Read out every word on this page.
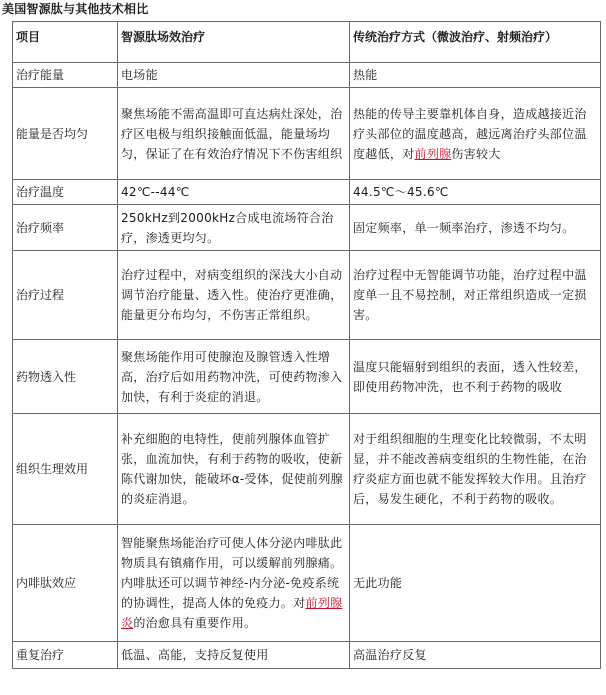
美国智源肽与其他技术相比
项目	智源肽场效治疗	传统治疗方式（微波治疗、射频治疗）
治疗能量	电场能	热能
能量是否均匀	聚焦场能不需高温即可直达病灶深处，治疗区电极与组织接触面低温，能量场均匀，保证了在有效治疗情况下不伤害组织	热能的传导主要靠机体自身，造成越接近治疗头部位的温度越高，越远离治疗头部位温度越低，对前列腺伤害较大
治疗温度	42℃--44℃	44.5℃～45.6℃
治疗频率	250kHz到2000kHz合成电流场符合治疗，渗透更均匀。	固定频率，单一频率治疗，渗透不均匀。
治疗过程	治疗过程中，对病变组织的深浅大小自动调节治疗能量、透入性。使治疗更准确，能量更分布均匀，不伤害正常组织。	治疗过程中无智能调节功能，治疗过程中温度单一且不易控制，对正常组织造成一定损害。
药物透入性	聚焦场能作用可使腺泡及腺管透入性增高，治疗后如用药物冲洗，可使药物渗入加快，有利于炎症的消退。	温度只能辐射到组织的表面，透入性较差，即使用药物冲洗，也不利于药物的吸收
组织生理效用	补充细胞的电特性，使前列腺体血管扩张，血流加快，有利于药物的吸收，使新陈代谢加快，能破坏α-受体，促使前列腺的炎症消退。	对于组织细胞的生理变化比较微弱，不太明显，并不能改善病变组织的生物性能，在治疗炎症方面也就不能发挥较大作用。且治疗后，易发生硬化，不利于药物的吸收。
内啡肽效应	智能聚焦场能治疗可使人体分泌内啡肽此物质具有镇痛作用，可以缓解前列腺痛。内啡肽还可以调节神经-内分泌-免疫系统的协调性，提高人体的免疫力。对前列腺炎的治愈具有重要作用。	无此功能
重复治疗	低温、高能，支持反复使用	高温治疗反复
